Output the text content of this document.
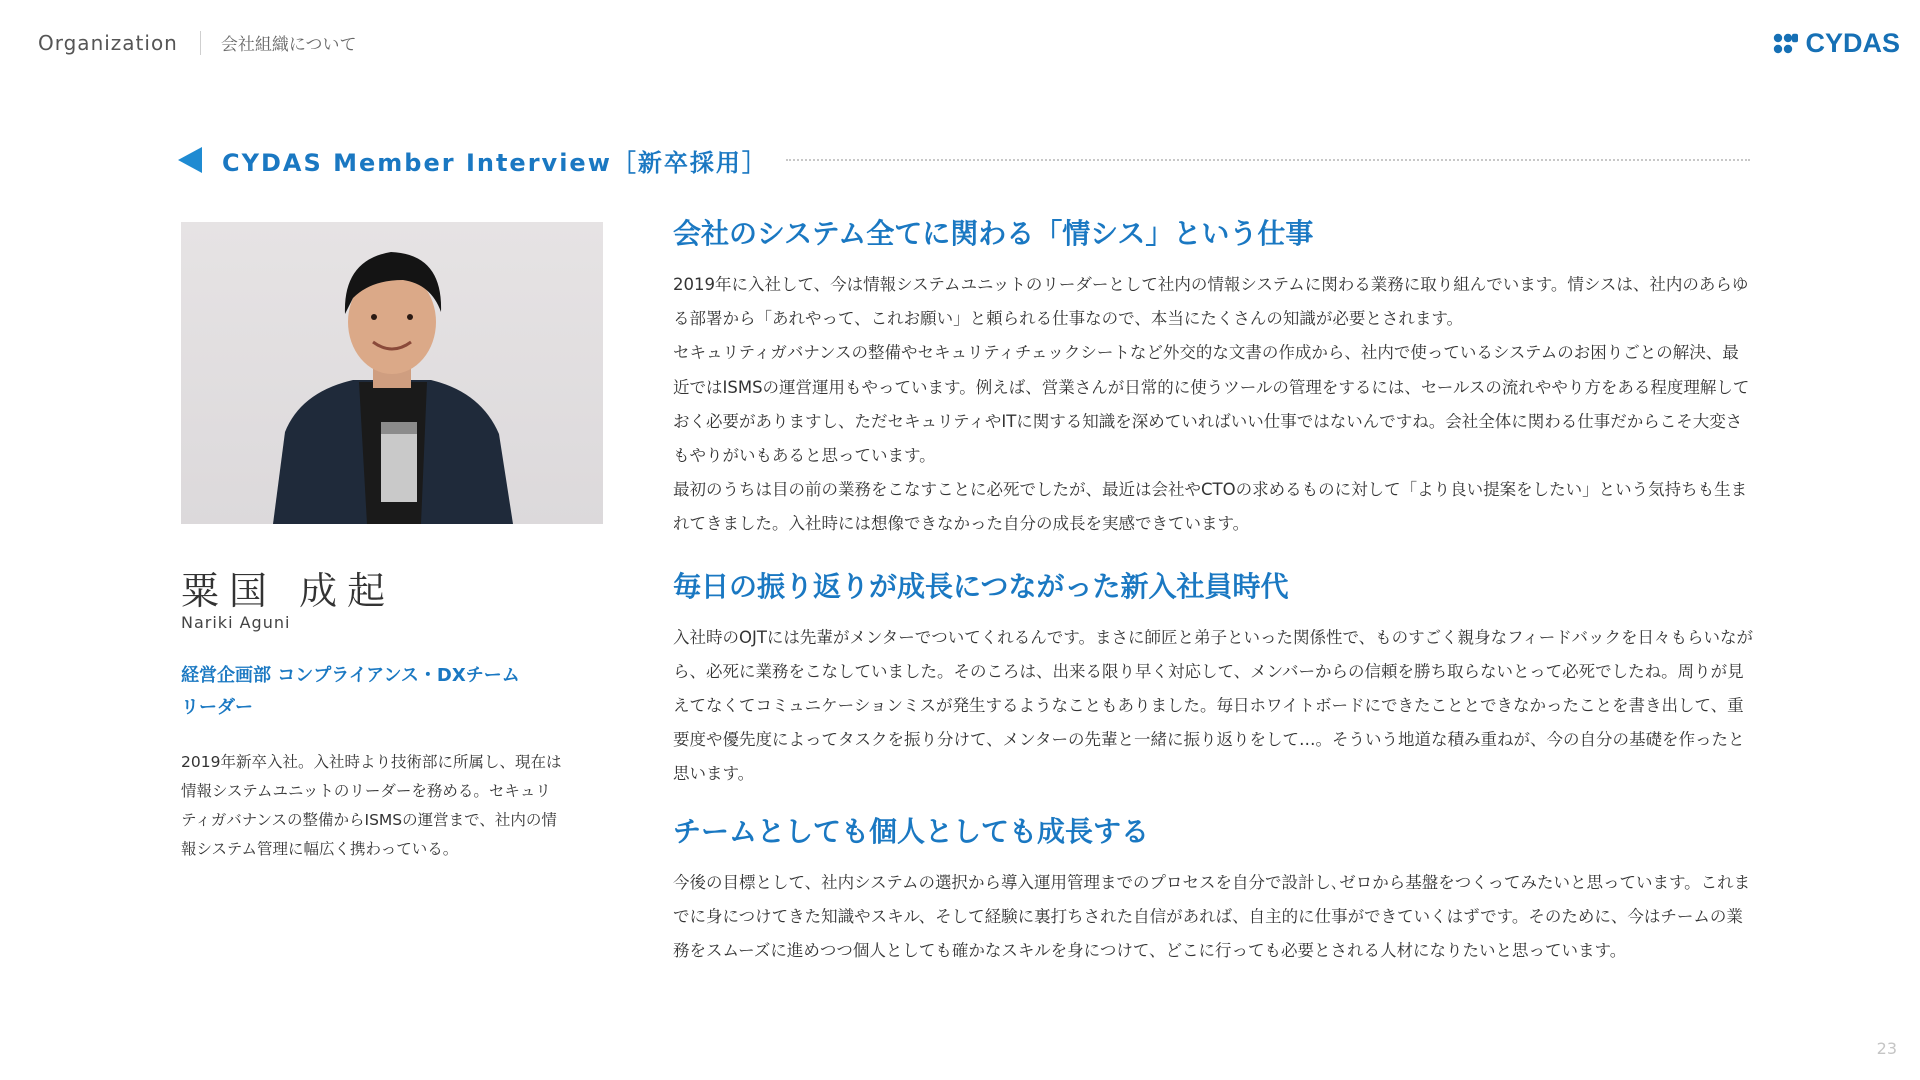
Organization	会社組織について	CYDAS
CYDAS Member Interview［新卒採用］
粟国 成起
Nariki Aguni
経営企画部 コンプライアンス・DXチーム
リーダー
2019年新卒入社。入社時より技術部に所属し、現在は情報システムユニットのリーダーを務める。セキュリティガバナンスの整備からISMSの運営まで、社内の情報システム管理に幅広く携わっている。
会社のシステム全てに関わる「情シス」という仕事

2019年に入社して、今は情報システムユニットのリーダーとして社内の情報システムに関わる業務に取り組んでいます。情シスは、社内のあらゆる部署から「あれやって、これお願い」と頼られる仕事なので、本当にたくさんの知識が必要とされます。

セキュリティガバナンスの整備やセキュリティチェックシートなど外交的な文書の作成から、社内で使っているシステムのお困りごとの解決、最近ではISMSの運営運用もやっています。例えば、営業さんが日常的に使うツールの管理をするには、セールスの流れややり方をある程度理解しておく必要がありますし、ただセキュリティやITに関する知識を深めていればいい仕事ではないんですね。会社全体に関わる仕事だからこそ大変さもやりがいもあると思っています。

最初のうちは目の前の業務をこなすことに必死でしたが、最近は会社やCTOの求めるものに対して「より良い提案をしたい」という気持ちも生まれてきました。入社時には想像できなかった自分の成長を実感できています。

毎日の振り返りが成長につながった新入社員時代

入社時のOJTには先輩がメンターでついてくれるんです。まさに師匠と弟子といった関係性で、ものすごく親身なフィードバックを日々もらいながら、必死に業務をこなしていました。そのころは、出来る限り早く対応して、メンバーからの信頼を勝ち取らないとって必死でしたね。周りが見えてなくてコミュニケーションミスが発生するようなこともありました。毎日ホワイトボードにできたこととできなかったことを書き出して、重要度や優先度によってタスクを振り分けて、メンターの先輩と一緒に振り返りをして…。そういう地道な積み重ねが、今の自分の基礎を作ったと思います。

チームとしても個人としても成長する

今後の目標として、社内システムの選択から導入運用管理までのプロセスを自分で設計し､ゼロから基盤をつくってみたいと思っています。これまでに身につけてきた知識やスキル、そして経験に裏打ちされた自信があれば、自主的に仕事ができていくはずです。そのために、今はチームの業務をスムーズに進めつつ個人としても確かなスキルを身につけて、どこに行っても必要とされる人材になりたいと思っています。

23
